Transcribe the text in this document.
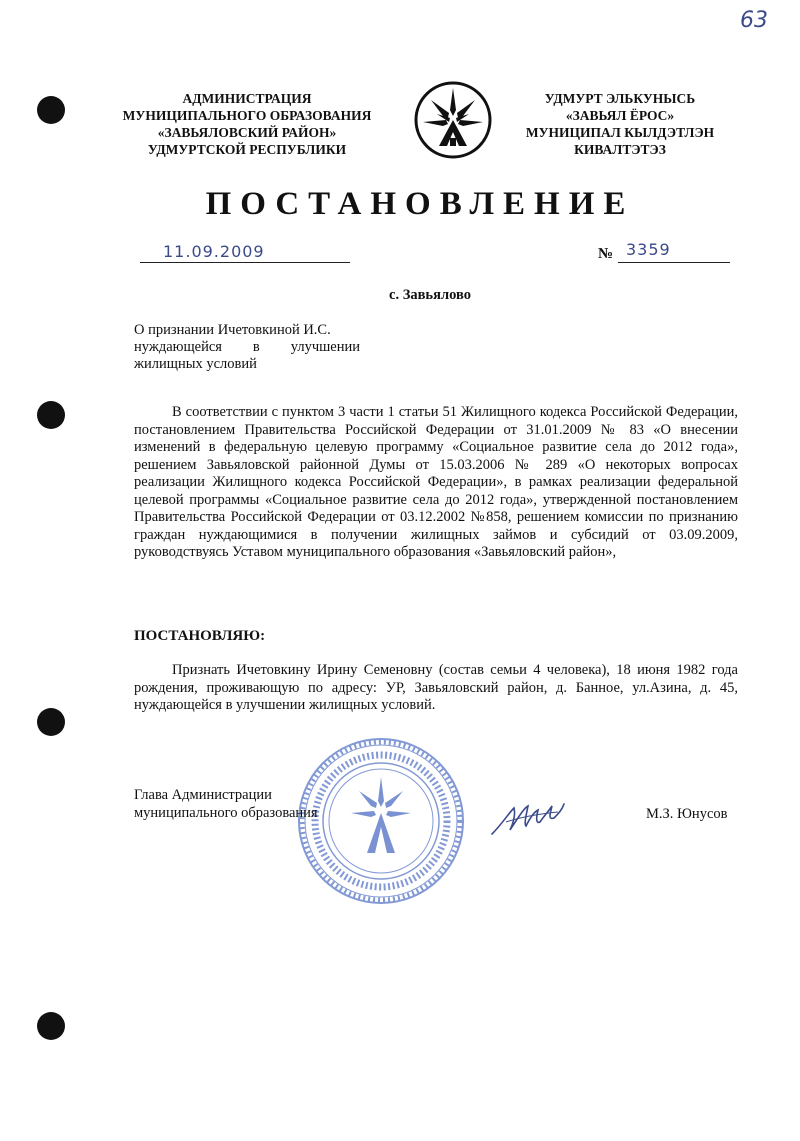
63
АДМИНИСТРАЦИЯ
МУНИЦИПАЛЬНОГО ОБРАЗОВАНИЯ
«ЗАВЬЯЛОВСКИЙ РАЙОН»
УДМУРТСКОЙ РЕСПУБЛИКИ
УДМУРТ ЭЛЬКУНЫСЬ
«ЗАВЬЯЛ ЁРОС»
МУНИЦИПАЛ КЫЛДЭТЛЭН
КИВАЛТЭТЭЗ
ПОСТАНОВЛЕНИЕ
11.09.2009	№ 3359
с. Завьялово
О признании Ичетовкиной И.С.
нуждающейся в улучшении
жилищных условий

В соответствии с пунктом 3 части 1 статьи 51 Жилищного кодекса Российской Федерации, постановлением Правительства Российской Федерации от 31.01.2009 № 83 «О внесении изменений в федеральную целевую программу «Социальное развитие села до 2012 года», решением Завьяловской районной Думы от 15.03.2006 № 289 «О некоторых вопросах реализации Жилищного кодекса Российской Федерации», в рамках реализации федеральной целевой программы «Социальное развитие села до 2012 года», утвержденной постановлением Правительства Российской Федерации от 03.12.2002 №858, решением комиссии по признанию граждан нуждающимися в получении жилищных займов и субсидий от 03.09.2009, руководствуясь Уставом муниципального образования «Завьяловский район»,

ПОСТАНОВЛЯЮ:

Признать Ичетовкину Ирину Семеновну (состав семьи 4 человека), 18 июня 1982 года рождения, проживающую по адресу: УР, Завьяловский район, д. Банное, ул.Азина, д. 45, нуждающейся в улучшении жилищных условий.

Глава Администрации
муниципального образования	М.З. Юнусов
